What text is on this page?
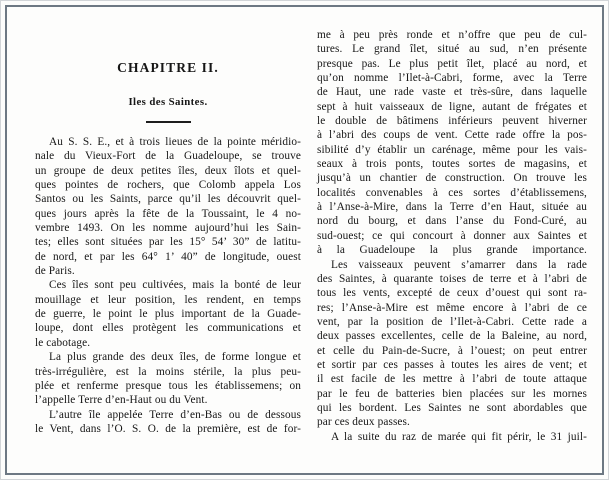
CHAPITRE II.
Iles des Saintes.
Au S. S. E., et à trois lieues de la pointe méridio-
nale du Vieux-Fort de la Guadeloupe, se trouve
un groupe de deux petites îles, deux îlots et quel-
ques pointes de rochers, que Colomb appela Los
Santos ou les Saints, parce qu’il les découvrit quel-
ques jours après la fête de la Toussaint, le 4 no-
vembre 1493. On les nomme aujourd’hui les Sain-
tes; elles sont situées par les 15° 54’ 30” de latitu-
de nord, et par les 64° 1’ 40” de longitude, ouest
de Paris.
Ces îles sont peu cultivées, mais la bonté de leur
mouillage et leur position, les rendent, en temps
de guerre, le point le plus important de la Guade-
loupe, dont elles protègent les communications et
le cabotage.
La plus grande des deux îles, de forme longue et
très-irrégulière, est la moins stérile, la plus peu-
plée et renferme presque tous les établissemens; on
l’appelle Terre d’en-Haut ou du Vent.
L’autre île appelée Terre d’en-Bas ou de dessous
le Vent, dans l’O. S. O. de la première, est de for-
me à peu près ronde et n’offre que peu de cul-
tures. Le grand îlet, situé au sud, n’en présente
presque pas. Le plus petit îlet, placé au nord, et
qu’on nomme l’Ilet-à-Cabri, forme, avec la Terre
de Haut, une rade vaste et très-sûre, dans laquelle
sept à huit vaisseaux de ligne, autant de frégates et
le double de bâtimens inférieurs peuvent hiverner
à l’abri des coups de vent. Cette rade offre la pos-
sibilité d’y établir un carénage, même pour les vais-
seaux à trois ponts, toutes sortes de magasins, et
jusqu’à un chantier de construction. On trouve les
localités convenables à ces sortes d’établissemens,
à l’Anse-à-Mire, dans la Terre d’en Haut, située au
nord du bourg, et dans l’anse du Fond-Curé, au
sud-ouest; ce qui concourt à donner aux Saintes et
à la Guadeloupe la plus grande importance.
Les vaisseaux peuvent s’amarrer dans la rade
des Saintes, à quarante toises de terre et à l’abri de
tous les vents, excepté de ceux d’ouest qui sont ra-
res; l’Anse-à-Mire est même encore à l’abri de ce
vent, par la position de l’Ilet-à-Cabri. Cette rade a
deux passes excellentes, celle de la Baleine, au nord,
et celle du Pain-de-Sucre, à l’ouest; on peut entrer
et sortir par ces passes à toutes les aires de vent; et
il est facile de les mettre à l’abri de toute attaque
par le feu de batteries bien placées sur les mornes
qui les bordent. Les Saintes ne sont abordables que
par ces deux passes.
A la suite du raz de marée qui fit périr, le 31 juil-
